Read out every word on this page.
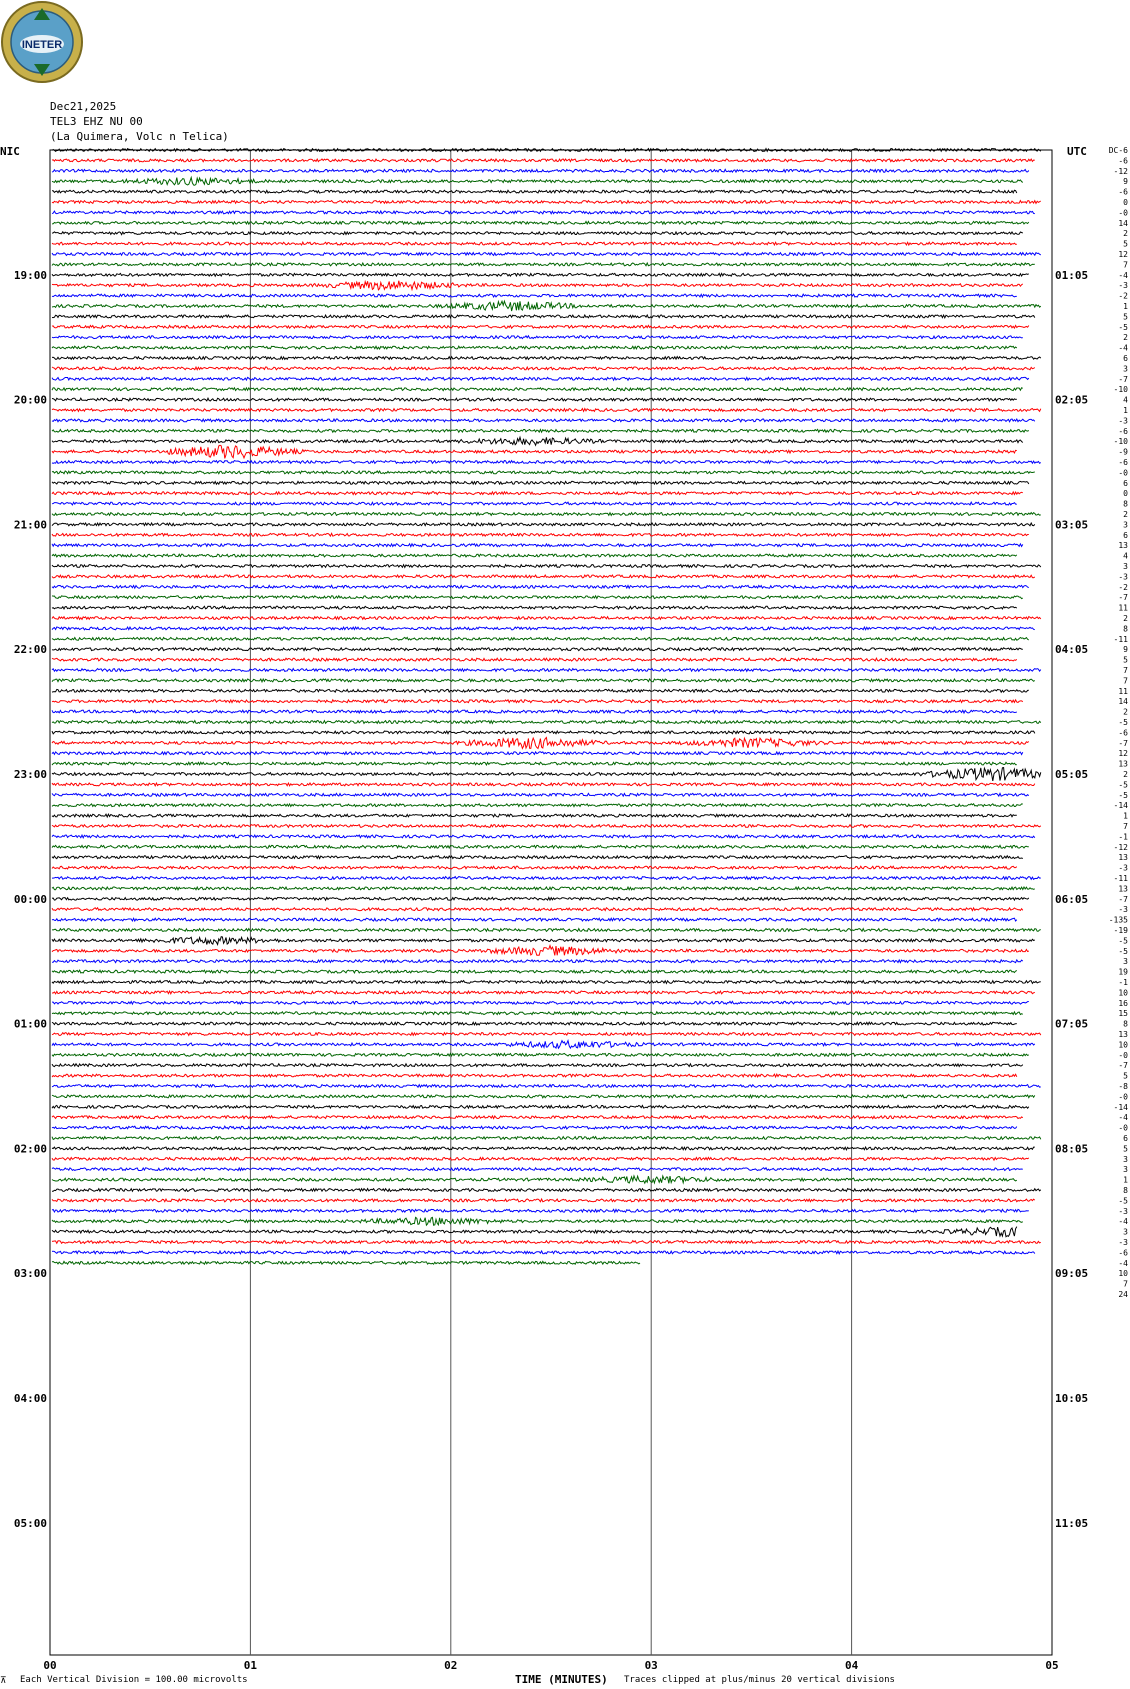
INETER
Dec21,2025
TEL3 EHZ NU 00
(La Quimera, Volc n Telica)
NIC	UTC
00	01	02	03	04	05
19:00
20:00
21:00
22:00
23:00
00:00
01:00
02:00
03:00
04:00
05:00
01:05
02:05
03:05
04:05
05:05
06:05
07:05
08:05
09:05
10:05
11:05
DC-6
-6
-12
9
-6
0
-0
14
2
5
12
7
-4
-3
-2
1
5
-5
2
-4
6
3
-7
-10
4
1
-3
-6
-10
-9
-6
-0
6
0
8
2
3
6
13
4
3
-3
-2
-7
11
2
8
-11
9
5
7
7
11
14
2
-5
-6
-7
12
13
2
-5
-5
-14
1
7
-1
-12
13
-3
-11
13
-7
-3
-135
-19
-5
-5
3
19
-1
10
16
15
8
13
10
-0
-7
5
-8
-0
-14
-4
-0
6
5
3
3
1
8
-5
-3
-4
3
-3
-6
-4
10
7
24
⊼ Each Vertical Division = 100.00 microvolts	TIME (MINUTES) Traces clipped at plus/minus 20 vertical divisions
